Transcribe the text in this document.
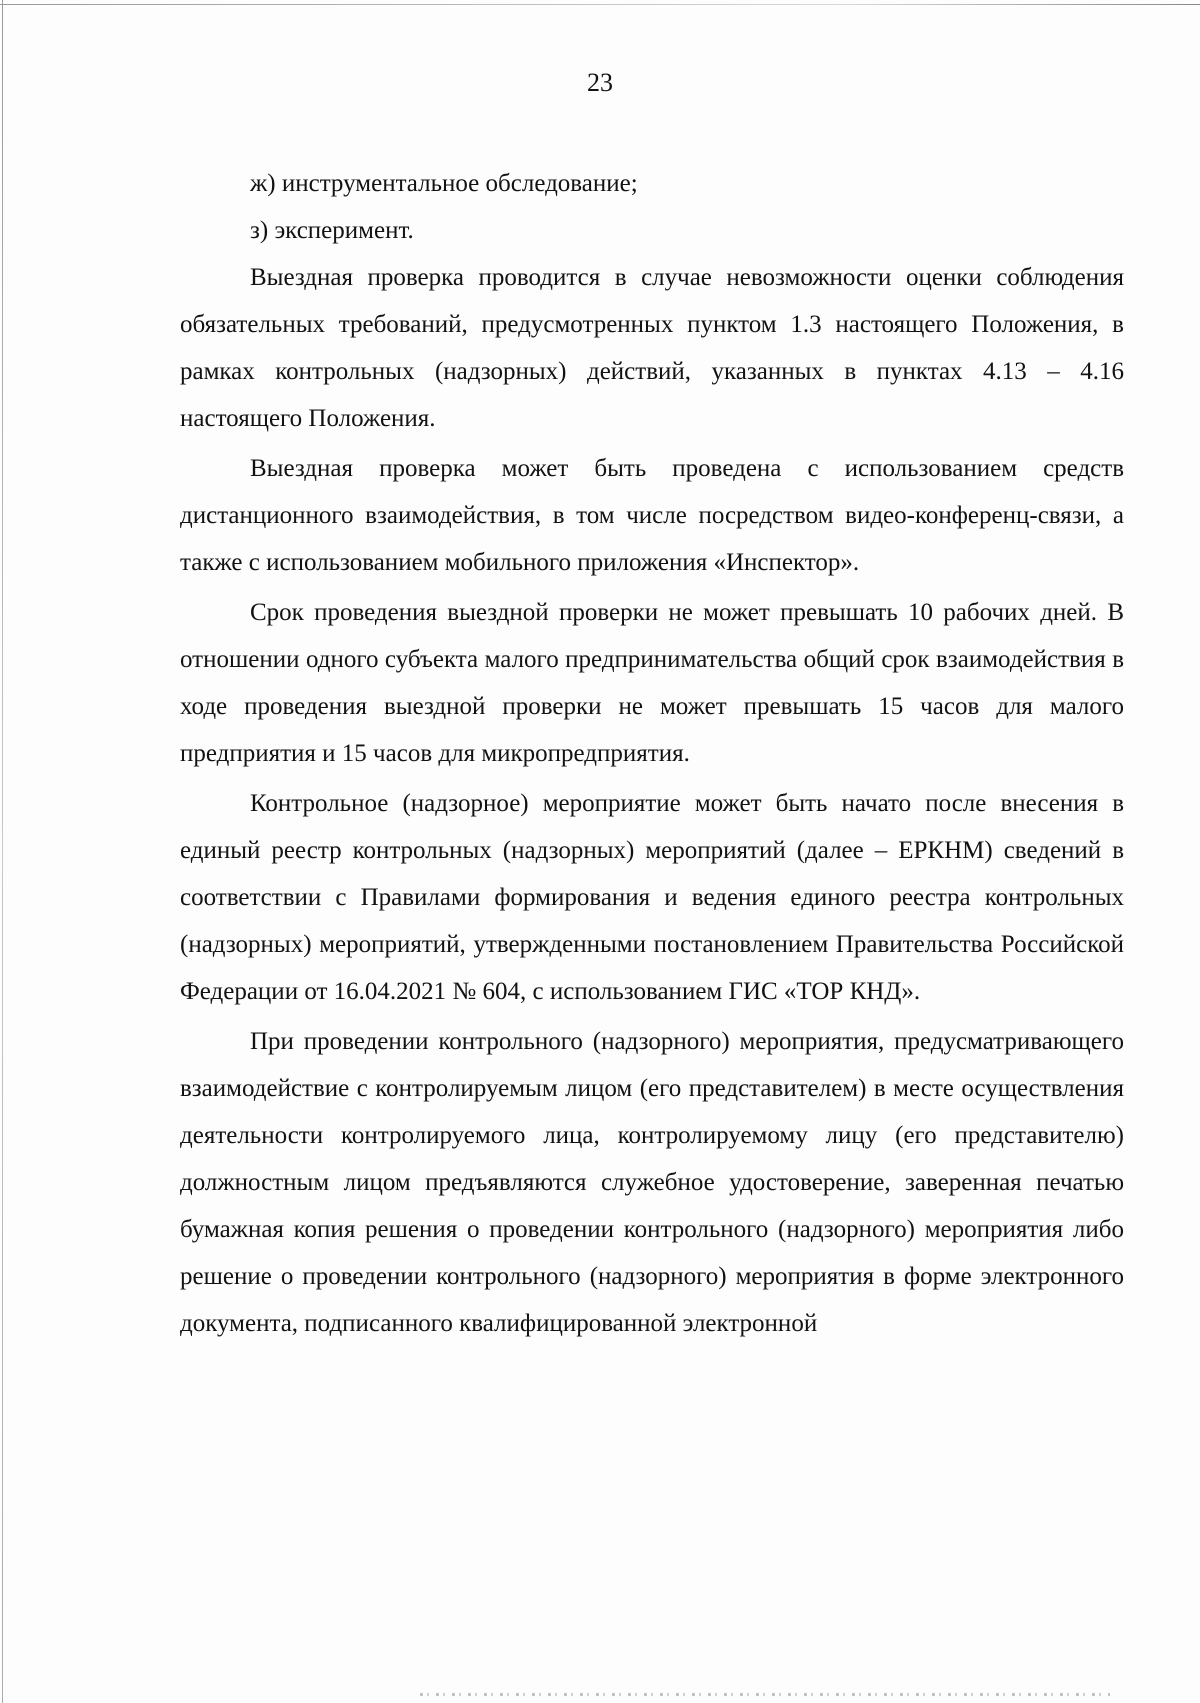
23

ж) инструментальное обследование;

з) эксперимент.

Выездная проверка проводится в случае невозможности оценки соблюдения обязательных требований, предусмотренных пунктом 1.3 настоящего Положения, в рамках контрольных (надзорных) действий, указанных в пунктах 4.13 – 4.16 настоящего Положения.

Выездная проверка может быть проведена с использованием средств дистанционного взаимодействия, в том числе посредством видео-конференц-связи, а также с использованием мобильного приложения «Инспектор».

Срок проведения выездной проверки не может превышать 10 рабочих дней. В отношении одного субъекта малого предпринимательства общий срок взаимодействия в ходе проведения выездной проверки не может превышать 15 часов для малого предприятия и 15 часов для микропредприятия.

Контрольное (надзорное) мероприятие может быть начато после внесения в единый реестр контрольных (надзорных) мероприятий (далее – ЕРКНМ) сведений в соответствии с Правилами формирования и ведения единого реестра контрольных (надзорных) мероприятий, утвержденными постановлением Правительства Российской Федерации от 16.04.2021 № 604, с использованием ГИС «ТОР КНД».

При проведении контрольного (надзорного) мероприятия, предусматривающего взаимодействие с контролируемым лицом (его представителем) в месте осуществления деятельности контролируемого лица, контролируемому лицу (его представителю) должностным лицом предъявляются служебное удостоверение, заверенная печатью бумажная копия решения о проведении контрольного (надзорного) мероприятия либо решение о проведении контрольного (надзорного) мероприятия в форме электронного документа, подписанного квалифицированной электронной
